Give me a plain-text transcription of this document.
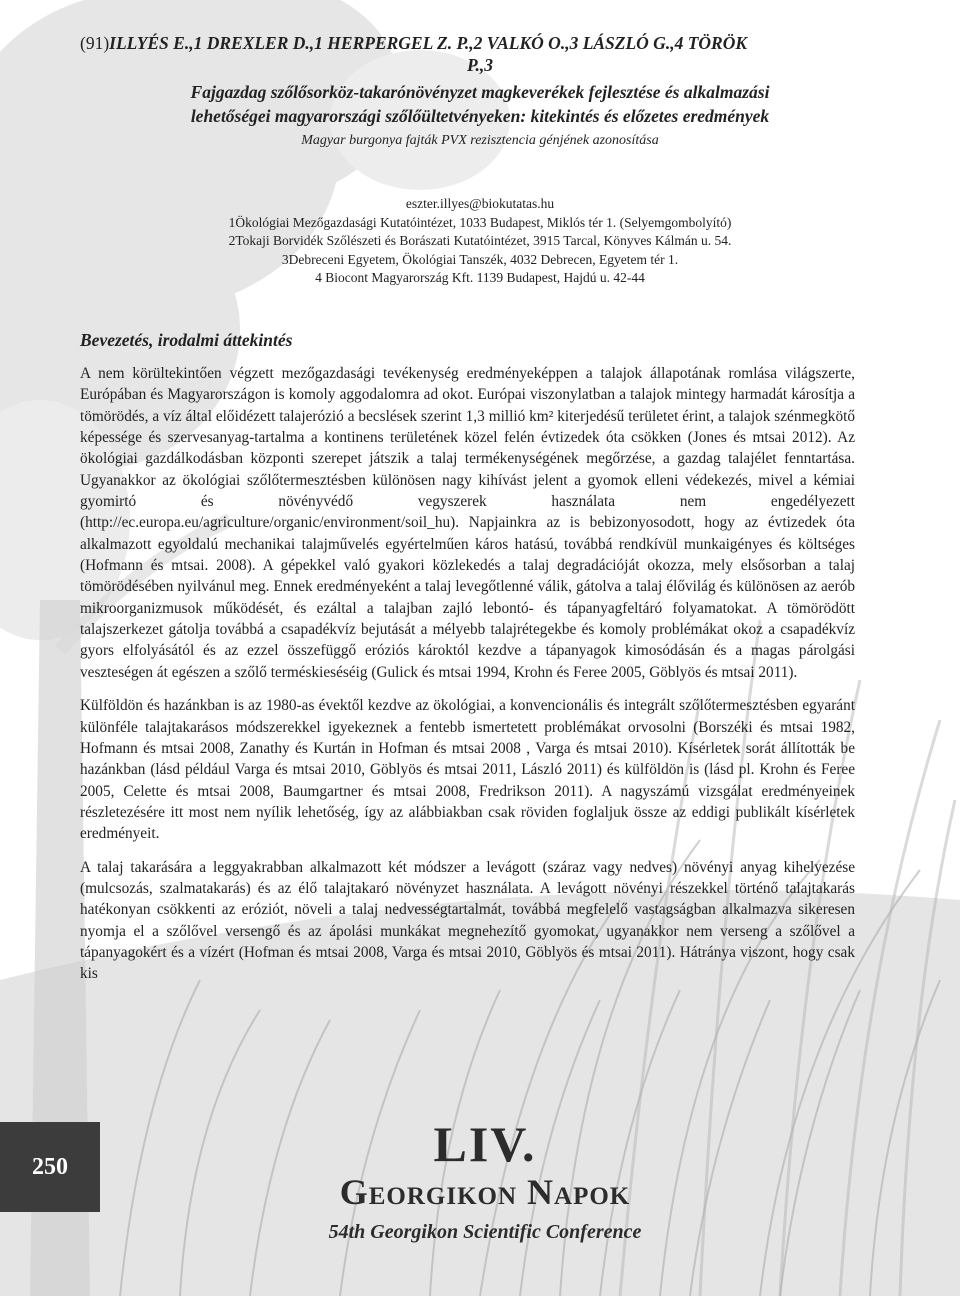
(91)ILLYÉS E.,1 DREXLER D.,1 HERPERGEL Z. P.,2 VALKÓ O.,3 LÁSZLÓ G.,4 TÖRÖK
P.,3
Fajgazdag szőlősorköz-takarónövényzet magkeverékek fejlesztése és alkalmazási
lehetőségei magyarországi szőlőültetvényeken: kitekintés és előzetes eredmények
Magyar burgonya fajták PVX rezisztencia génjének azonosítása
eszter.illyes@biokutatas.hu
1Ökológiai Mezőgazdasági Kutatóintézet, 1033 Budapest, Miklós tér 1. (Selyemgombolyító)
2Tokaji Borvidék Szőlészeti és Borászati Kutatóintézet, 3915 Tarcal, Könyves Kálmán u. 54.
3Debreceni Egyetem, Ökológiai Tanszék, 4032 Debrecen, Egyetem tér 1.
4 Biocont Magyarország Kft. 1139 Budapest, Hajdú u. 42-44
Bevezetés, irodalmi áttekintés

A nem körültekintően végzett mezőgazdasági tevékenység eredményeképpen a talajok állapotának romlása világszerte, Európában és Magyarországon is komoly aggodalomra ad okot. Európai viszonylatban a talajok mintegy harmadát károsítja a tömörödés, a víz által előidézett talajerózió a becslések szerint 1,3 millió km² kiterjedésű területet érint, a talajok szénmegkötő képessége és szervesanyag-tartalma a kontinens területének közel felén évtizedek óta csökken (Jones és mtsai 2012). Az ökológiai gazdálkodásban központi szerepet játszik a talaj termékenységének megőrzése, a gazdag talajélet fenntartása. Ugyanakkor az ökológiai szőlőtermesztésben különösen nagy kihívást jelent a gyomok elleni védekezés, mivel a kémiai gyomirtó és növényvédő vegyszerek használata nem engedélyezett (http://ec.europa.eu/agriculture/organic/environment/soil_hu). Napjainkra az is bebizonyosodott, hogy az évtizedek óta alkalmazott egyoldalú mechanikai talajművelés egyértelműen káros hatású, továbbá rendkívül munkaigényes és költséges (Hofmann és mtsai. 2008). A gépekkel való gyakori közlekedés a talaj degradációját okozza, mely elsősorban a talaj tömörödésében nyilvánul meg. Ennek eredményeként a talaj levegőtlenné válik, gátolva a talaj élővilág és különösen az aerób mikroorganizmusok működését, és ezáltal a talajban zajló lebontó- és tápanyagfeltáró folyamatokat. A tömörödött talajszerkezet gátolja továbbá a csapadékvíz bejutását a mélyebb talajrétegekbe és komoly problémákat okoz a csapadékvíz gyors elfolyásától és az ezzel összefüggő eróziós károktól kezdve a tápanyagok kimosódásán és a magas párolgási veszteségen át egészen a szőlő terméskieséséig (Gulick és mtsai 1994, Krohn és Feree 2005, Göblyös és mtsai 2011).

Külföldön és hazánkban is az 1980-as évektől kezdve az ökológiai, a konvencionális és integrált szőlőtermesztésben egyaránt különféle talajtakarásos módszerekkel igyekeznek a fentebb ismertetett problémákat orvosolni (Borszéki és mtsai 1982, Hofmann és mtsai 2008, Zanathy és Kurtán in Hofman és mtsai 2008 , Varga és mtsai 2010). Kísérletek sorát állították be hazánkban (lásd például Varga és mtsai 2010, Göblyös és mtsai 2011, László 2011) és külföldön is (lásd pl. Krohn és Feree 2005, Celette és mtsai 2008, Baumgartner és mtsai 2008, Fredrikson 2011). A nagyszámú vizsgálat eredményeinek részletezésére itt most nem nyílik lehetőség, így az alábbiakban csak röviden foglaljuk össze az eddigi publikált kísérletek eredményeit.

A talaj takarására a leggyakrabban alkalmazott két módszer a levágott (száraz vagy nedves) növényi anyag kihelyezése (mulcsozás, szalmatakarás) és az élő talajtakaró növényzet használata. A levágott növényi részekkel történő talajtakarás hatékonyan csökkenti az eróziót, növeli a talaj nedvességtartalmát, továbbá megfelelő vastagságban alkalmazva sikeresen nyomja el a szőlővel versengő és az ápolási munkákat megnehezítő gyomokat, ugyanakkor nem verseng a szőlővel a tápanyagokért és a vízért (Hofman és mtsai 2008, Varga és mtsai 2010, Göblyös és mtsai 2011). Hátránya viszont, hogy csak kis

250	LIV.
Georgikon Napok
54th Georgikon Scientific Conference
